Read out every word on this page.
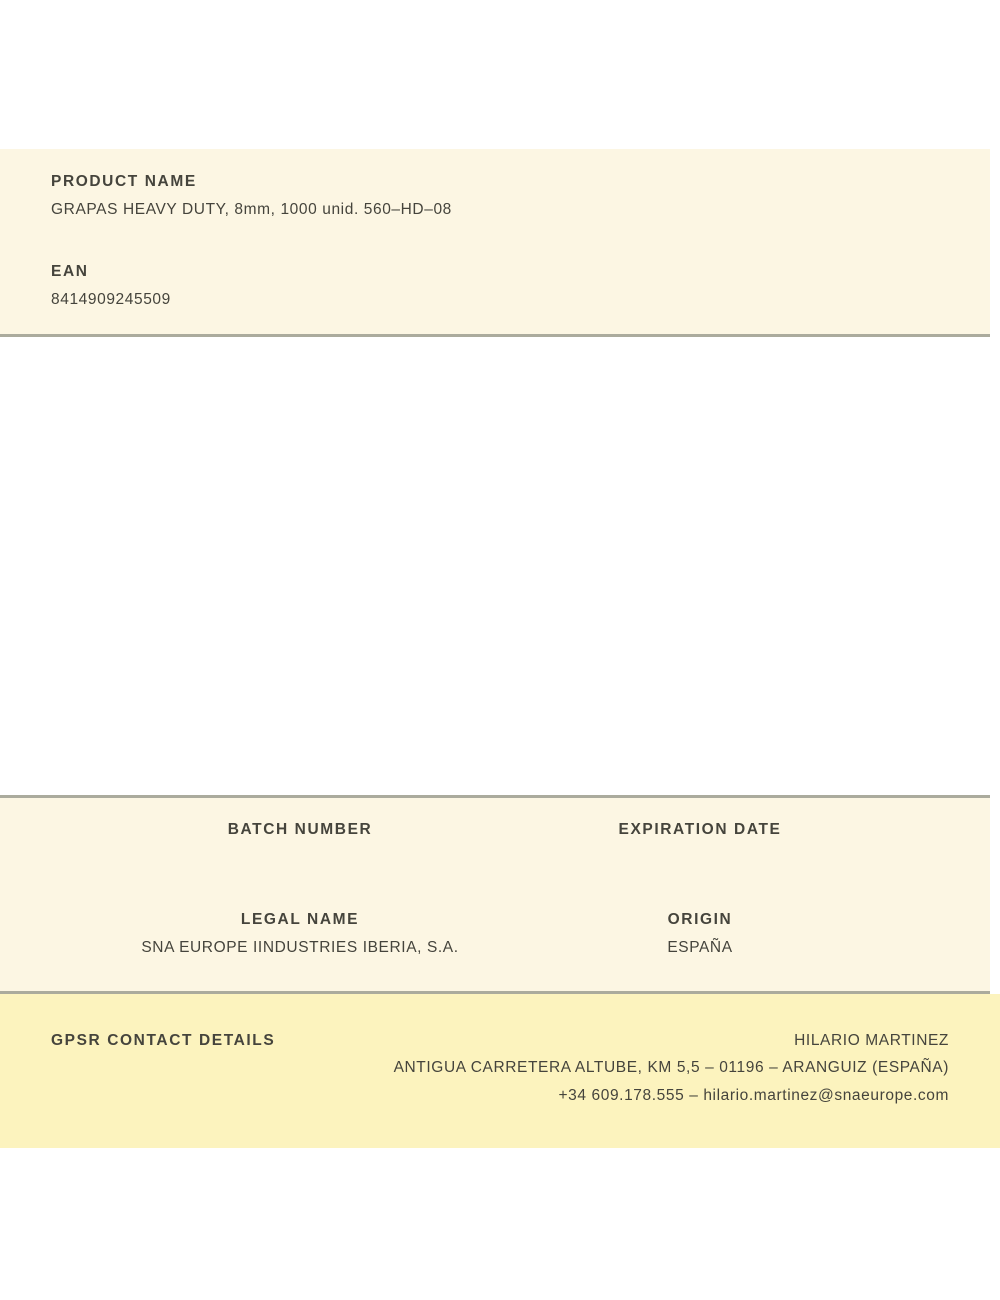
PRODUCT NAME
GRAPAS HEAVY DUTY, 8mm, 1000 unid. 560–HD–08
EAN
8414909245509
BATCH NUMBER	EXPIRATION DATE
LEGAL NAME
SNA EUROPE IINDUSTRIES IBERIA, S.A.
ORIGIN
ESPAÑA
GPSR CONTACT DETAILS	HILARIO MARTINEZ
ANTIGUA CARRETERA ALTUBE, KM 5,5 – 01196 – ARANGUIZ (ESPAÑA)
+34 609.178.555 – hilario.martinez@snaeurope.com
